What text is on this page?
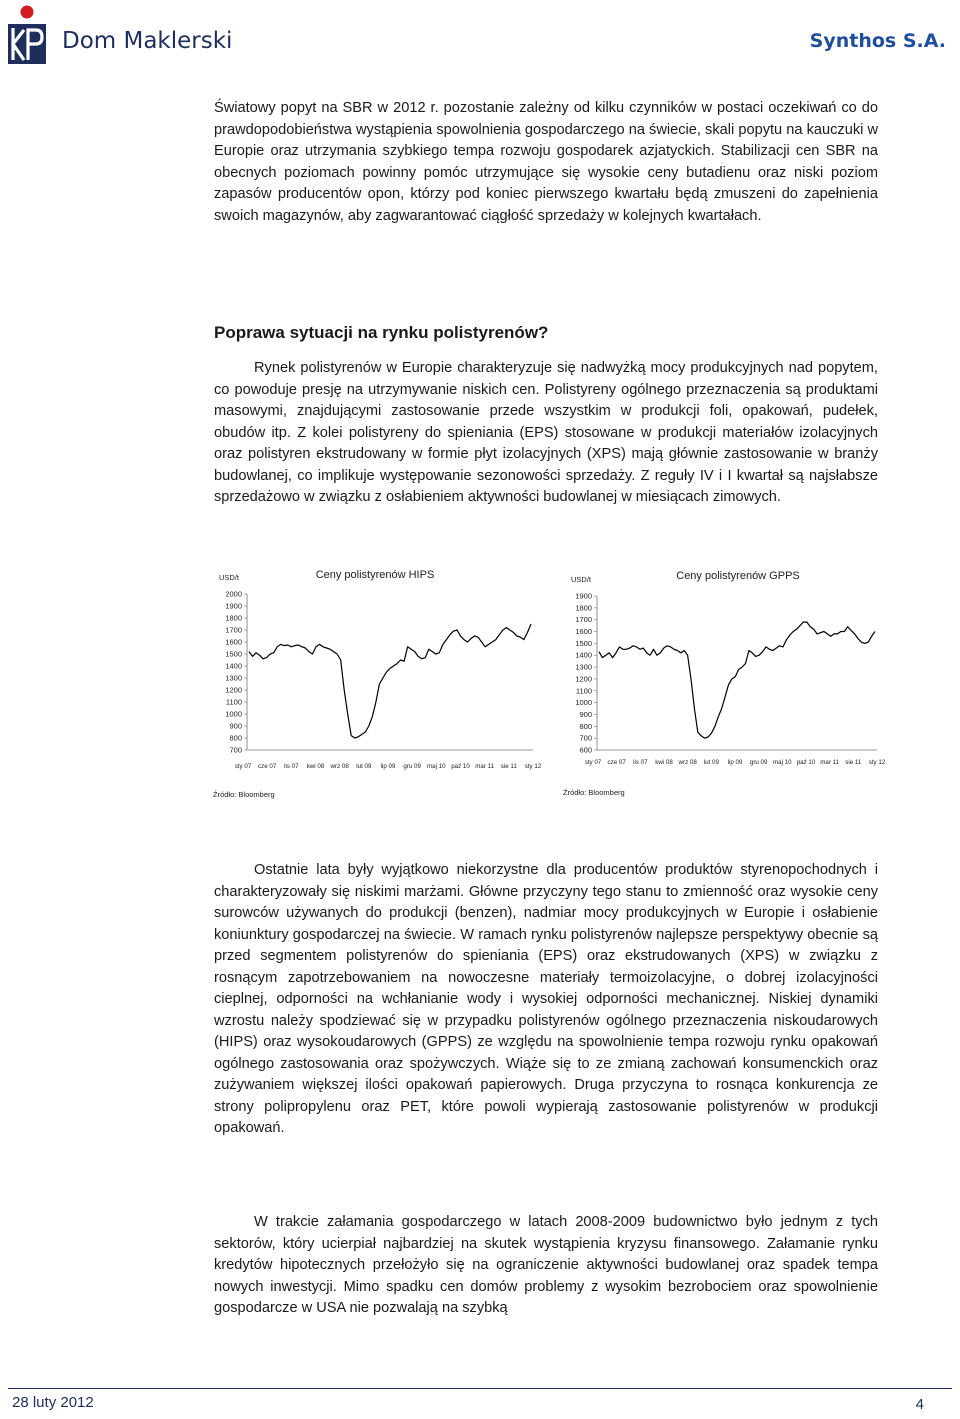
Dom Maklerski	Synthos S.A.

Światowy popyt na SBR w 2012 r. pozostanie zależny od kilku czynników w postaci oczekiwań co do prawdopodobieństwa wystąpienia spowolnienia gospodarczego na świecie, skali popytu na kauczuki w Europie oraz utrzymania szybkiego tempa rozwoju gospodarek azjatyckich. Stabilizacji cen SBR na obecnych poziomach powinny pomóc utrzymujące się wysokie ceny butadienu oraz niski poziom zapasów producentów opon, którzy pod koniec pierwszego kwartału będą zmuszeni do zapełnienia swoich magazynów, aby zagwarantować ciągłość sprzedaży w kolejnych kwartałach.

Poprawa sytuacji na rynku polistyrenów?

Rynek polistyrenów w Europie charakteryzuje się nadwyżką mocy produkcyjnych nad popytem, co powoduje presję na utrzymywanie niskich cen. Polistyreny ogólnego przeznaczenia są produktami masowymi, znajdującymi zastosowanie przede wszystkim w produkcji foli, opakowań, pudełek, obudów itp. Z kolei polistyreny do spieniania (EPS) stosowane w produkcji materiałów izolacyjnych oraz polistyren ekstrudowany w formie płyt izolacyjnych (XPS) mają głównie zastosowanie w branży budowlanej, co implikuje występowanie sezonowości sprzedaży. Z reguły IV i I kwartał są najsłabsze sprzedażowo w związku z osłabieniem aktywności budowlanej w miesiącach zimowych.

Ceny polistyrenów HIPS
USD/t
2000
1900
1800
1700
1600
1500
1400
1300
1200
1100
1000
900
800
700
sty 07 cze 07 lis 07 kwi 08 wrz 08 lut 09 lip 09 gru 09 maj 10 paź 10 mar 11 sie 11 sty 12
Źródło: Bloomberg
Ceny polistyrenów GPPS
USD/t
1900
1800
1700
1600
1500
1400
1300
1200
1100
1000
900
800
700
600
sty 07 cze 07 lis 07 kwi 08 wrz 08 lut 09 lip 09 gru 09 maj 10 paź 10 mar 11 sie 11 sty 12
Źródło: Bloomberg

Ostatnie lata były wyjątkowo niekorzystne dla producentów produktów styrenopochodnych i charakteryzowały się niskimi marżami. Główne przyczyny tego stanu to zmienność oraz wysokie ceny surowców używanych do produkcji (benzen), nadmiar mocy produkcyjnych w Europie i osłabienie koniunktury gospodarczej na świecie. W ramach rynku polistyrenów najlepsze perspektywy obecnie są przed segmentem polistyrenów do spieniania (EPS) oraz ekstrudowanych (XPS) w związku z rosnącym zapotrzebowaniem na nowoczesne materiały termoizolacyjne, o dobrej izolacyjności cieplnej, odporności na wchłanianie wody i wysokiej odporności mechanicznej. Niskiej dynamiki wzrostu należy spodziewać się w przypadku polistyrenów ogólnego przeznaczenia niskoudarowych (HIPS) oraz wysokoudarowych (GPPS) ze względu na spowolnienie tempa rozwoju rynku opakowań ogólnego zastosowania oraz spożywczych. Wiąże się to ze zmianą zachowań konsumenckich oraz zużywaniem większej ilości opakowań papierowych. Druga przyczyna to rosnąca konkurencja ze strony polipropylenu oraz PET, które powoli wypierają zastosowanie polistyrenów w produkcji opakowań.

W trakcie załamania gospodarczego w latach 2008-2009 budownictwo było jednym z tych sektorów, który ucierpiał najbardziej na skutek wystąpienia kryzysu finansowego. Załamanie rynku kredytów hipotecznych przełożyło się na ograniczenie aktywności budowlanej oraz spadek tempa nowych inwestycji. Mimo spadku cen domów problemy z wysokim bezrobociem oraz spowolnienie gospodarcze w USA nie pozwalają na szybką

28 luty 2012	4
